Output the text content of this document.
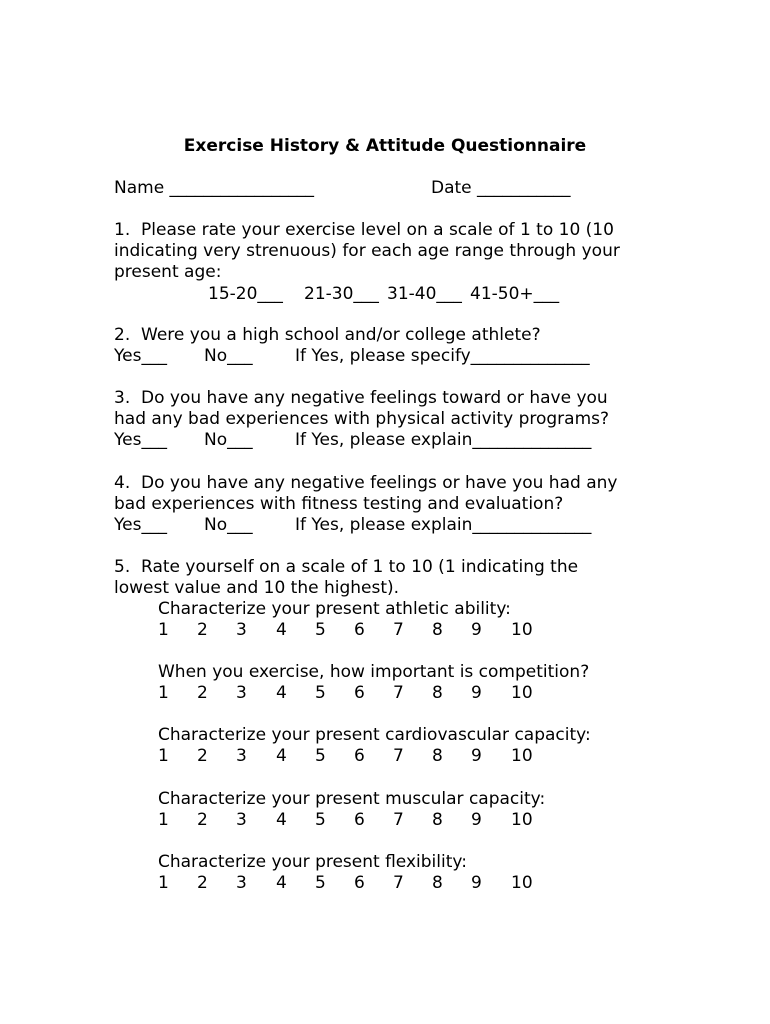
Exercise History & Attitude Questionnaire
Name _________________	Date ___________
1.  Please rate your exercise level on a scale of 1 to 10 (10
indicating very strenuous) for each age range through your
present age:
15-20___ 21-30___ 31-40___ 41-50+___
2.  Were you a high school and/or college athlete?
Yes___ No___ If Yes, please specify______________
3.  Do you have any negative feelings toward or have you
had any bad experiences with physical activity programs?
Yes___ No___ If Yes, please explain______________
4.  Do you have any negative feelings or have you had any
bad experiences with fitness testing and evaluation?
Yes___ No___ If Yes, please explain______________
5.  Rate yourself on a scale of 1 to 10 (1 indicating the
lowest value and 10 the highest).
Characterize your present athletic ability:
1 2 3 4 5 6 7 8 9 10
When you exercise, how important is competition?
1 2 3 4 5 6 7 8 9 10
Characterize your present cardiovascular capacity:
1 2 3 4 5 6 7 8 9 10
Characterize your present muscular capacity:
1 2 3 4 5 6 7 8 9 10
Characterize your present flexibility:
1 2 3 4 5 6 7 8 9 10
